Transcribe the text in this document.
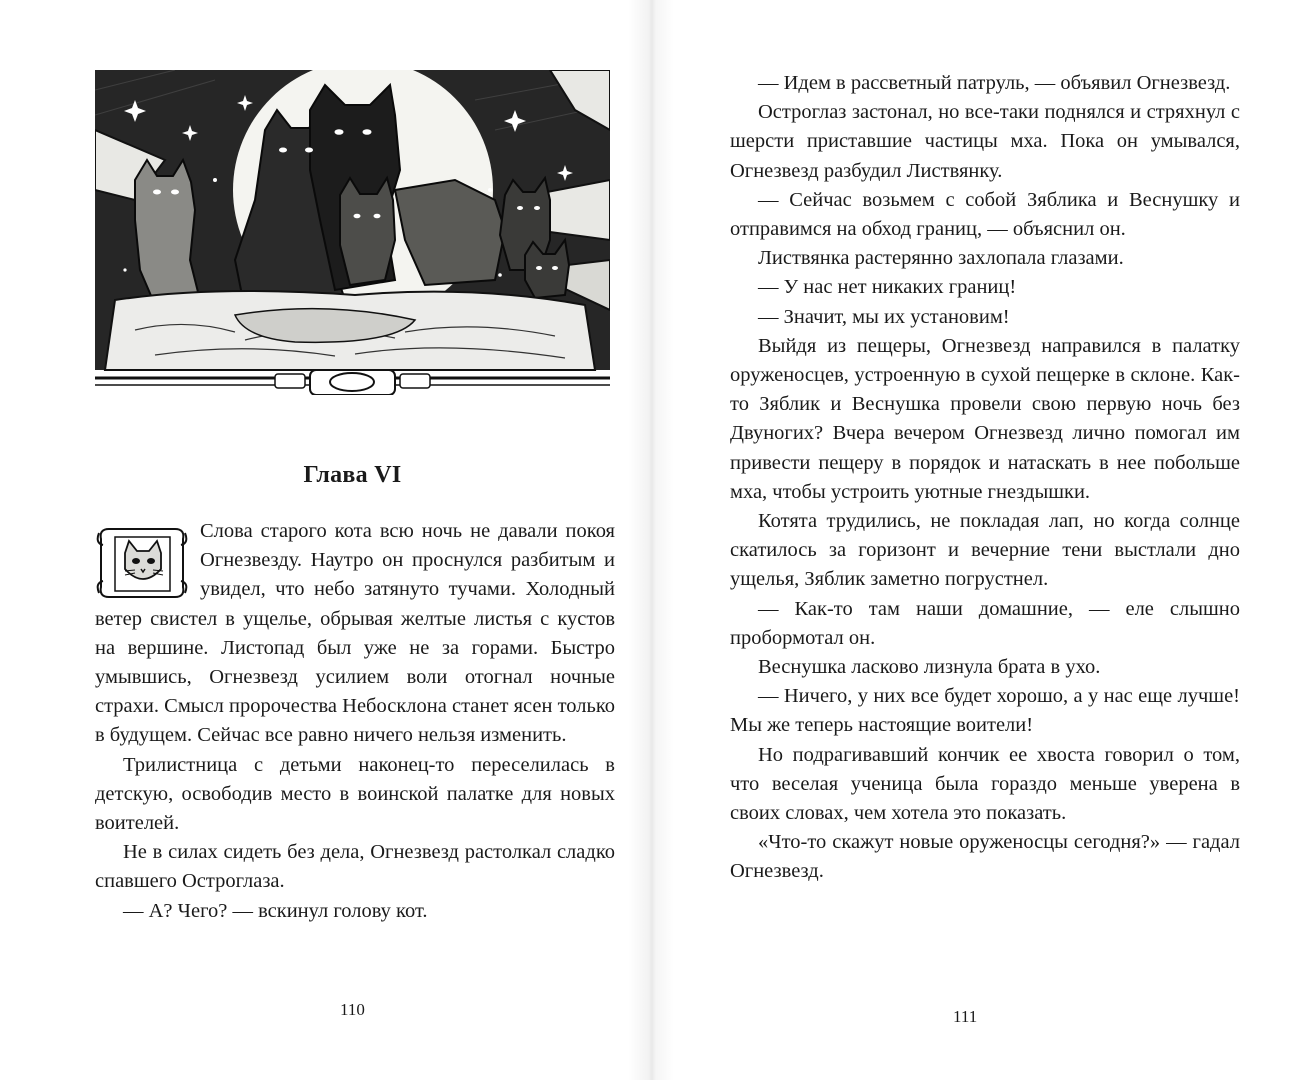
Глава VI

Слова старого кота всю ночь не давали покоя Огнезвезду. Наутро он проснулся разбитым и увидел, что небо затянуто тучами. Холодный ветер свистел в ущелье, обрывая желтые листья с кустов на вершине. Листопад был уже не за горами. Быстро умывшись, Огнезвезд усилием воли отогнал ночные страхи. Смысл пророчества Небосклона станет ясен только в будущем. Сейчас все равно ничего нельзя изменить.

Трилистница с детьми наконец-то переселилась в детскую, освободив место в воинской палатке для новых воителей.

Не в силах сидеть без дела, Огнезвезд растолкал сладко спавшего Остроглаза.

— А? Чего? — вскинул голову кот.

110

— Идем в рассветный патруль, — объявил Огнезвезд.

Остроглаз застонал, но все-таки поднялся и стряхнул с шерсти приставшие частицы мха. Пока он умывался, Огнезвезд разбудил Листвянку.

— Сейчас возьмем с собой Зяблика и Веснушку и отправимся на обход границ, — объяснил он.

Листвянка растерянно захлопала глазами.

— У нас нет никаких границ!

— Значит, мы их установим!

Выйдя из пещеры, Огнезвезд направился в палатку оруженосцев, устроенную в сухой пещерке в склоне. Как-то Зяблик и Веснушка провели свою первую ночь без Двуногих? Вчера вечером Огнезвезд лично помогал им привести пещеру в порядок и натаскать в нее побольше мха, чтобы устроить уютные гнездышки.

Котята трудились, не покладая лап, но когда солнце скатилось за горизонт и вечерние тени выстлали дно ущелья, Зяблик заметно погрустнел.

— Как-то там наши домашние, — еле слышно пробормотал он.

Веснушка ласково лизнула брата в ухо.

— Ничего, у них все будет хорошо, а у нас еще лучше! Мы же теперь настоящие воители!

Но подрагивавший кончик ее хвоста говорил о том, что веселая ученица была гораздо меньше уверена в своих словах, чем хотела это показать.

«Что-то скажут новые оруженосцы сегодня?» — гадал Огнезвезд.

111
